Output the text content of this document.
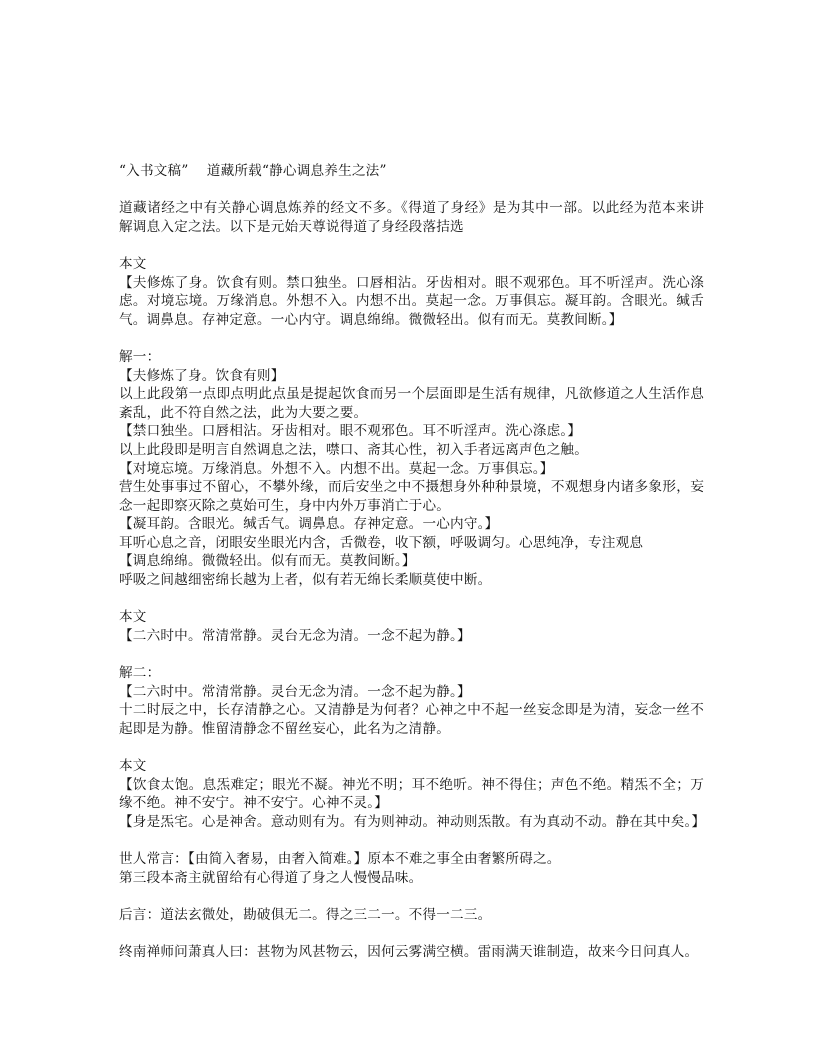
“入书文稿”　 道藏所载“静心调息养生之法”
道藏诸经之中有关静心调息炼养的经文不多。《得道了身经》是为其中一部。以此经为范本来讲解调息入定之法。以下是元始天尊说得道了身经段落拮选
本文
【夫修炼了身。饮食有则。禁口独坐。口唇相沾。牙齿相对。眼不观邪色。耳不听淫声。洗心涤虑。对境忘境。万缘消息。外想不入。内想不出。莫起一念。万事俱忘。凝耳韵。含眼光。缄舌气。调鼻息。存神定意。一心内守。调息绵绵。微微轻出。似有而无。莫教间断。】
解一：
【夫修炼了身。饮食有则】
以上此段第一点即点明此点虽是提起饮食而另一个层面即是生活有规律，凡欲修道之人生活作息紊乱，此不符自然之法，此为大要之要。
【禁口独坐。口唇相沾。牙齿相对。眼不观邪色。耳不听淫声。洗心涤虑。】
以上此段即是明言自然调息之法，噤口、斋其心性，初入手者远离声色之触。
【对境忘境。万缘消息。外想不入。内想不出。莫起一念。万事俱忘。】
营生处事事过不留心，不攀外缘，而后安坐之中不摄想身外种种景境，不观想身内诸多象形，妄念一起即察灭除之莫始可生，身中内外万事消亡于心。
【凝耳韵。含眼光。缄舌气。调鼻息。存神定意。一心内守。】
耳听心息之音，闭眼安坐眼光内含，舌微卷，收下额，呼吸调匀。心思纯净，专注观息
【调息绵绵。微微轻出。似有而无。莫教间断。】
呼吸之间越细密绵长越为上者，似有若无绵长柔顺莫使中断。
本文
【二六时中。常清常静。灵台无念为清。一念不起为静。】
解二：
【二六时中。常清常静。灵台无念为清。一念不起为静。】
十二时辰之中，长存清静之心。又清静是为何者？心神之中不起一丝妄念即是为清，妄念一丝不起即是为静。惟留清静念不留丝妄心，此名为之清静。
本文
【饮食太饱。息炁难定；眼光不凝。神光不明；耳不绝听。神不得住；声色不绝。精炁不全；万缘不绝。神不安宁。神不安宁。心神不灵。】
【身是炁宅。心是神舍。意动则有为。有为则神动。神动则炁散。有为真动不动。静在其中矣。】
世人常言：【由简入奢易，由奢入简难。】原本不难之事全由奢繁所碍之。
第三段本斋主就留给有心得道了身之人慢慢品味。
后言：道法玄微处，勘破俱无二。得之三二一。不得一二三。
终南禅师问萧真人曰：甚物为风甚物云，因何云雾满空横。雷雨满天谁制造，故来今日问真人。
